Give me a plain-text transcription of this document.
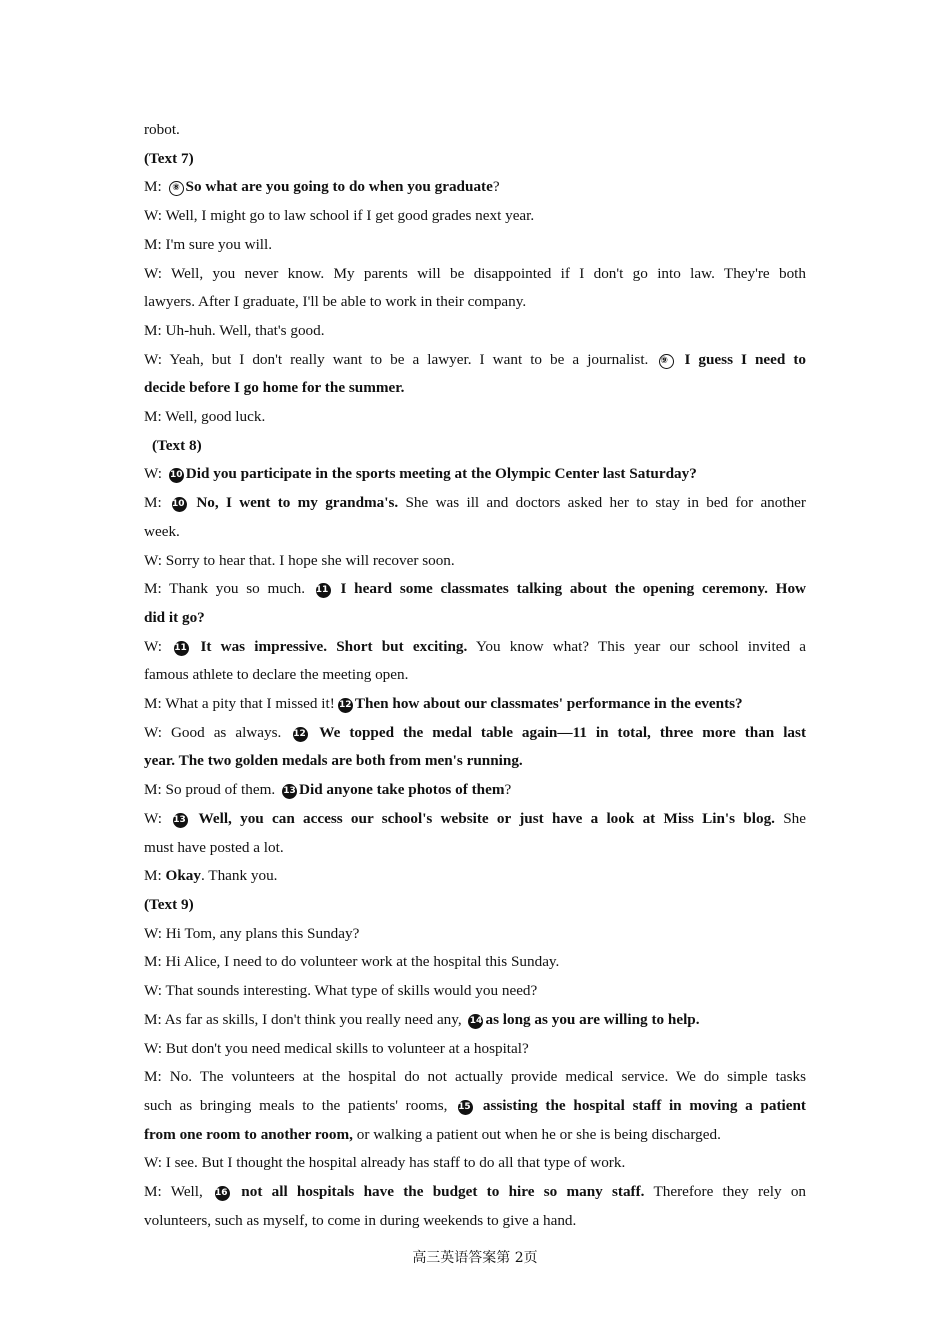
robot.

(Text 7)

M: ⑧ So what are you going to do when you graduate?

W: Well, I might go to law school if I get good grades next year.

M: I'm sure you will.

W: Well, you never know. My parents will be disappointed if I don't go into law. They're both

lawyers. After I graduate, I'll be able to work in their company.

M: Uh-huh. Well, that's good.

W: Yeah, but I don't really want to be a lawyer. I want to be a journalist. ⑨ I guess I need to

decide before I go home for the summer.

M: Well, good luck.

(Text 8)

W: 10 Did you participate in the sports meeting at the Olympic Center last Saturday?

M: 10 No, I went to my grandma's. She was ill and doctors asked her to stay in bed for another

week.

W: Sorry to hear that. I hope she will recover soon.

M: Thank you so much. 11 I heard some classmates talking about the opening ceremony. How

did it go?

W: 11 It was impressive. Short but exciting. You know what? This year our school invited a

famous athlete to declare the meeting open.

M: What a pity that I missed it! 12 Then how about our classmates' performance in the events?

W: Good as always. 12 We topped the medal table again—11 in total, three more than last

year. The two golden medals are both from men's running.

M: So proud of them. 13 Did anyone take photos of them?

W: 13 Well, you can access our school's website or just have a look at Miss Lin's blog. She

must have posted a lot.

M: Okay. Thank you.

(Text 9)

W: Hi Tom, any plans this Sunday?

M: Hi Alice, I need to do volunteer work at the hospital this Sunday.

W: That sounds interesting. What type of skills would you need?

M: As far as skills, I don't think you really need any, 14 as long as you are willing to help.

W: But don't you need medical skills to volunteer at a hospital?

M: No. The volunteers at the hospital do not actually provide medical service. We do simple tasks

such as bringing meals to the patients' rooms, 15 assisting the hospital staff in moving a patient

from one room to another room, or walking a patient out when he or she is being discharged.

W: I see. But I thought the hospital already has staff to do all that type of work.

M: Well, 16 not all hospitals have the budget to hire so many staff. Therefore they rely on

volunteers, such as myself, to come in during weekends to give a hand.

高三英语答案第 2页
